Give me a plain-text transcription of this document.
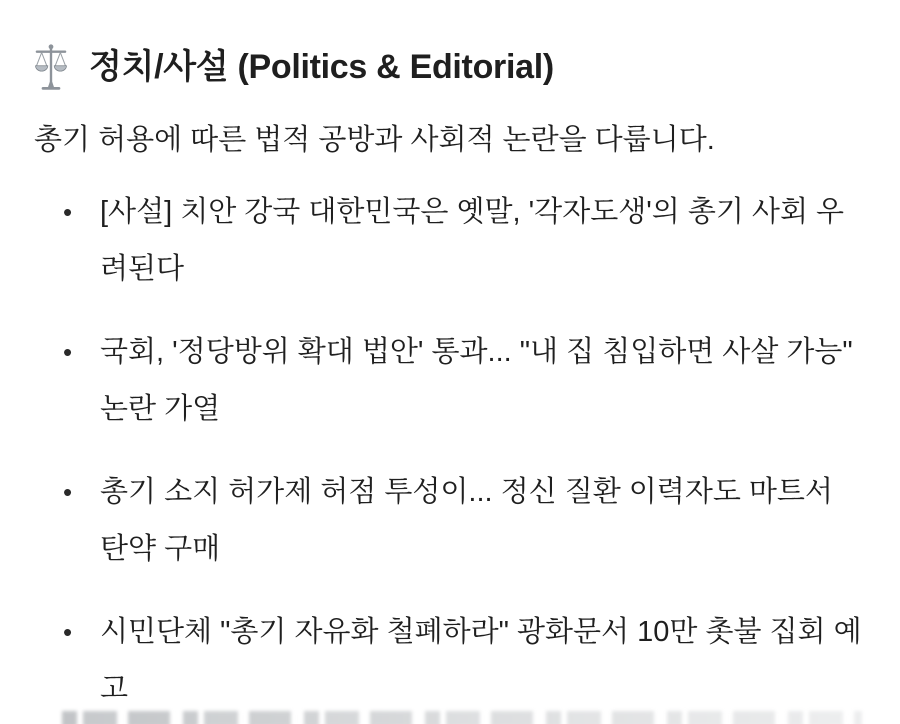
정치/사설 (Politics & Editorial)

총기 허용에 따른 법적 공방과 사회적 논란을 다룹니다.

• [사설] 치안 강국 대한민국은 옛말, '각자도생'의 총기 사회 우려된다
• 국회, '정당방위 확대 법안' 통과... "내 집 침입하면 사살 가능" 논란 가열
• 총기 소지 허가제 허점 투성이... 정신 질환 이력자도 마트서 탄약 구매
• 시민단체 "총기 자유화 철폐하라" 광화문서 10만 촛불 집회 예고
